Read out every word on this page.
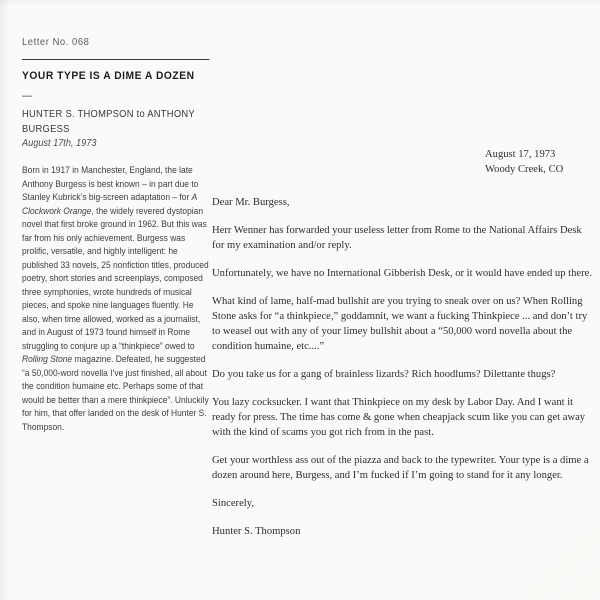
Letter No. 068
YOUR TYPE IS A DIME A DOZEN
—
HUNTER S. THOMPSON to ANTHONY BURGESS
August 17th, 1973
Born in 1917 in Manchester, England, the late Anthony Burgess is best known – in part due to Stanley Kubrick’s big-screen adaptation – for A Clockwork Orange, the widely revered dystopian novel that first broke ground in 1962. But this was far from his only achievement. Burgess was prolific, versatile, and highly intelligent: he published 33 novels, 25 nonfiction titles, produced poetry, short stories and screenplays, composed three symphonies, wrote hundreds of musical pieces, and spoke nine languages fluently. He also, when time allowed, worked as a journalist, and in August of 1973 found himself in Rome struggling to conjure up a “thinkpiece” owed to Rolling Stone magazine. Defeated, he suggested “a 50,000-word novella I’ve just finished, all about the condition humaine etc. Perhaps some of that would be better than a mere thinkpiece”. Unluckily for him, that offer landed on the desk of Hunter S. Thompson.
August 17, 1973
Woody Creek, CO

Dear Mr. Burgess,

Herr Wenner has forwarded your useless letter from Rome to the National Affairs Desk for my examination and/or reply.

Unfortunately, we have no International Gibberish Desk, or it would have ended up there.

What kind of lame, half-mad bullshit are you trying to sneak over on us? When Rolling Stone asks for “a thinkpiece,” goddamnit, we want a fucking Thinkpiece ... and don’t try to weasel out with any of your limey bullshit about a “50,000 word novella about the condition humaine, etc....”

Do you take us for a gang of brainless lizards? Rich hoodlums? Dilettante thugs?

You lazy cocksucker. I want that Thinkpiece on my desk by Labor Day. And I want it ready for press. The time has come & gone when cheapjack scum like you can get away with the kind of scams you got rich from in the past.

Get your worthless ass out of the piazza and back to the typewriter. Your type is a dime a dozen around here, Burgess, and I’m fucked if I’m going to stand for it any longer.

Sincerely,

Hunter S. Thompson
